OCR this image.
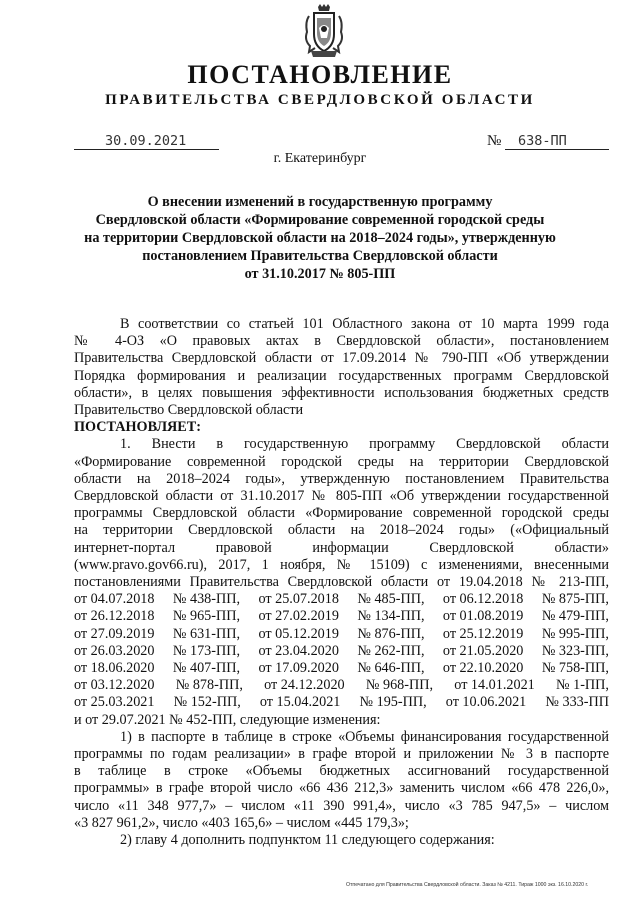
ПОСТАНОВЛЕНИЕ
ПРАВИТЕЛЬСТВА СВЕРДЛОВСКОЙ ОБЛАСТИ
30.09.2021	№ 638-ПП
г. Екатеринбург
О внесении изменений в государственную программу
Свердловской области «Формирование современной городской среды
на территории Свердловской области на 2018–2024 годы», утвержденную
постановлением Правительства Свердловской области
от 31.10.2017 № 805-ПП
В соответствии со статьей 101 Областного закона от 10 марта 1999 года
№ 4-ОЗ «О правовых актах в Свердловской области», постановлением
Правительства Свердловской области от 17.09.2014 № 790-ПП «Об утверждении
Порядка формирования и реализации государственных программ Свердловской
области», в целях повышения эффективности использования бюджетных средств
Правительство Свердловской области
ПОСТАНОВЛЯЕТ:
1. Внести в государственную программу Свердловской области
«Формирование современной городской среды на территории Свердловской
области на 2018–2024 годы», утвержденную постановлением Правительства
Свердловской области от 31.10.2017 № 805-ПП «Об утверждении государственной
программы Свердловской области «Формирование современной городской среды
на территории Свердловской области на 2018–2024 годы» («Официальный
интернет-портал правовой информации Свердловской области»
(www.pravo.gov66.ru), 2017, 1 ноября, № 15109) с изменениями, внесенными
постановлениями Правительства Свердловской области от 19.04.2018 № 213-ПП,
от 04.07.2018 № 438-ПП, от 25.07.2018 № 485-ПП, от 06.12.2018 № 875-ПП,
от 26.12.2018 № 965-ПП, от 27.02.2019 № 134-ПП, от 01.08.2019 № 479-ПП,
от 27.09.2019 № 631-ПП, от 05.12.2019 № 876-ПП, от 25.12.2019 № 995-ПП,
от 26.03.2020 № 173-ПП, от 23.04.2020 № 262-ПП, от 21.05.2020 № 323-ПП,
от 18.06.2020 № 407-ПП, от 17.09.2020 № 646-ПП, от 22.10.2020 № 758-ПП,
от 03.12.2020 № 878-ПП, от 24.12.2020 № 968-ПП, от 14.01.2021 № 1-ПП,
от 25.03.2021 № 152-ПП, от 15.04.2021 № 195-ПП, от 10.06.2021 № 333-ПП
и от 29.07.2021 № 452-ПП, следующие изменения:
1) в паспорте в таблице в строке «Объемы финансирования государственной
программы по годам реализации» в графе второй и приложении № 3 в паспорте
в таблице в строке «Объемы бюджетных ассигнований государственной
программы» в графе второй число «66 436 212,3» заменить числом «66 478 226,0»,
число «11 348 977,7» – числом «11 390 991,4», число «3 785 947,5» – числом
«3 827 961,2», число «403 165,6» – числом «445 179,3»;
2) главу 4 дополнить подпунктом 11 следующего содержания:
Отпечатано для Правительства Свердловской области. Заказ № 4211. Тираж 1000 экз. 16.10.2020 г.
